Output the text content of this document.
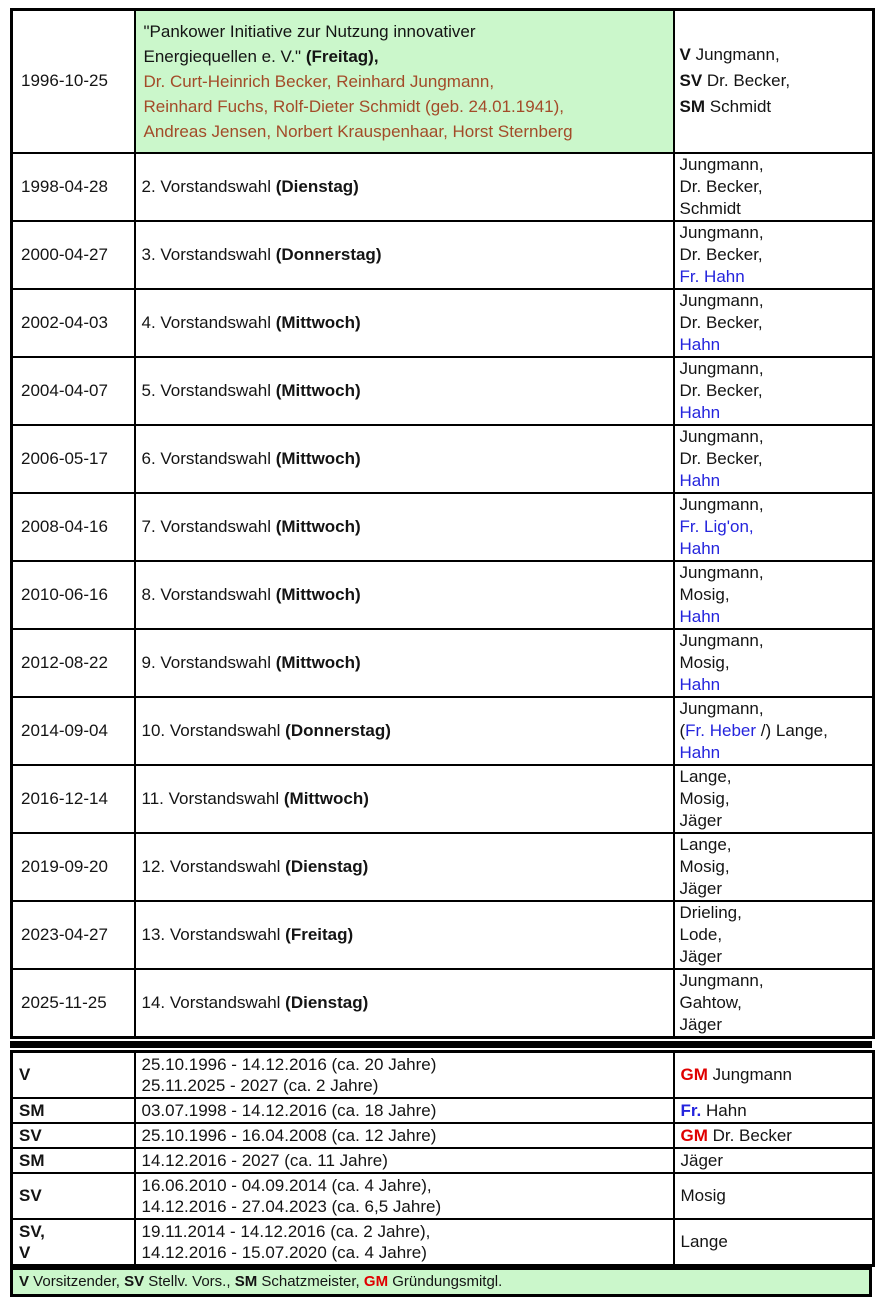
1996-10-25	"Pankower Initiative zur Nutzung innovativer
Energiequellen e. V." (Freitag),
Dr. Curt-Heinrich Becker, Reinhard Jungmann,
Reinhard Fuchs, Rolf-Dieter Schmidt (geb. 24.01.1941),
Andreas Jensen, Norbert Krauspenhaar, Horst Sternberg	V Jungmann,
SV Dr. Becker,
SM Schmidt
1998-04-28	2. Vorstandswahl (Dienstag)	Jungmann,
Dr. Becker,
Schmidt
2000-04-27	3. Vorstandswahl (Donnerstag)	Jungmann,
Dr. Becker,
Fr. Hahn
2002-04-03	4. Vorstandswahl (Mittwoch)	Jungmann,
Dr. Becker,
Hahn
2004-04-07	5. Vorstandswahl (Mittwoch)	Jungmann,
Dr. Becker,
Hahn
2006-05-17	6. Vorstandswahl (Mittwoch)	Jungmann,
Dr. Becker,
Hahn
2008-04-16	7. Vorstandswahl (Mittwoch)	Jungmann,
Fr. Lig'on,
Hahn
2010-06-16	8. Vorstandswahl (Mittwoch)	Jungmann,
Mosig,
Hahn
2012-08-22	9. Vorstandswahl (Mittwoch)	Jungmann,
Mosig,
Hahn
2014-09-04	10. Vorstandswahl (Donnerstag)	Jungmann,
(Fr. Heber /) Lange,
Hahn
2016-12-14	11. Vorstandswahl (Mittwoch)	Lange,
Mosig,
Jäger
2019-09-20	12. Vorstandswahl (Dienstag)	Lange,
Mosig,
Jäger
2023-04-27	13. Vorstandswahl (Freitag)	Drieling,
Lode,
Jäger
2025-11-25	14. Vorstandswahl (Dienstag)	Jungmann,
Gahtow,
Jäger
V	25.10.1996 - 14.12.2016 (ca. 20 Jahre)
25.11.2025 - 2027 (ca. 2 Jahre)	GM Jungmann
SM	03.07.1998 - 14.12.2016 (ca. 18 Jahre)	Fr. Hahn
SV	25.10.1996 - 16.04.2008 (ca. 12 Jahre)	GM Dr. Becker
SM	14.12.2016 - 2027 (ca. 11 Jahre)	Jäger
SV	16.06.2010 - 04.09.2014 (ca. 4 Jahre),
14.12.2016 - 27.04.2023 (ca. 6,5 Jahre)	Mosig
SV,
V	19.11.2014 - 14.12.2016 (ca. 2 Jahre),
14.12.2016 - 15.07.2020 (ca. 4 Jahre)	Lange
V Vorsitzender, SV Stellv. Vors., SM Schatzmeister, GM Gründungsmitgl.
